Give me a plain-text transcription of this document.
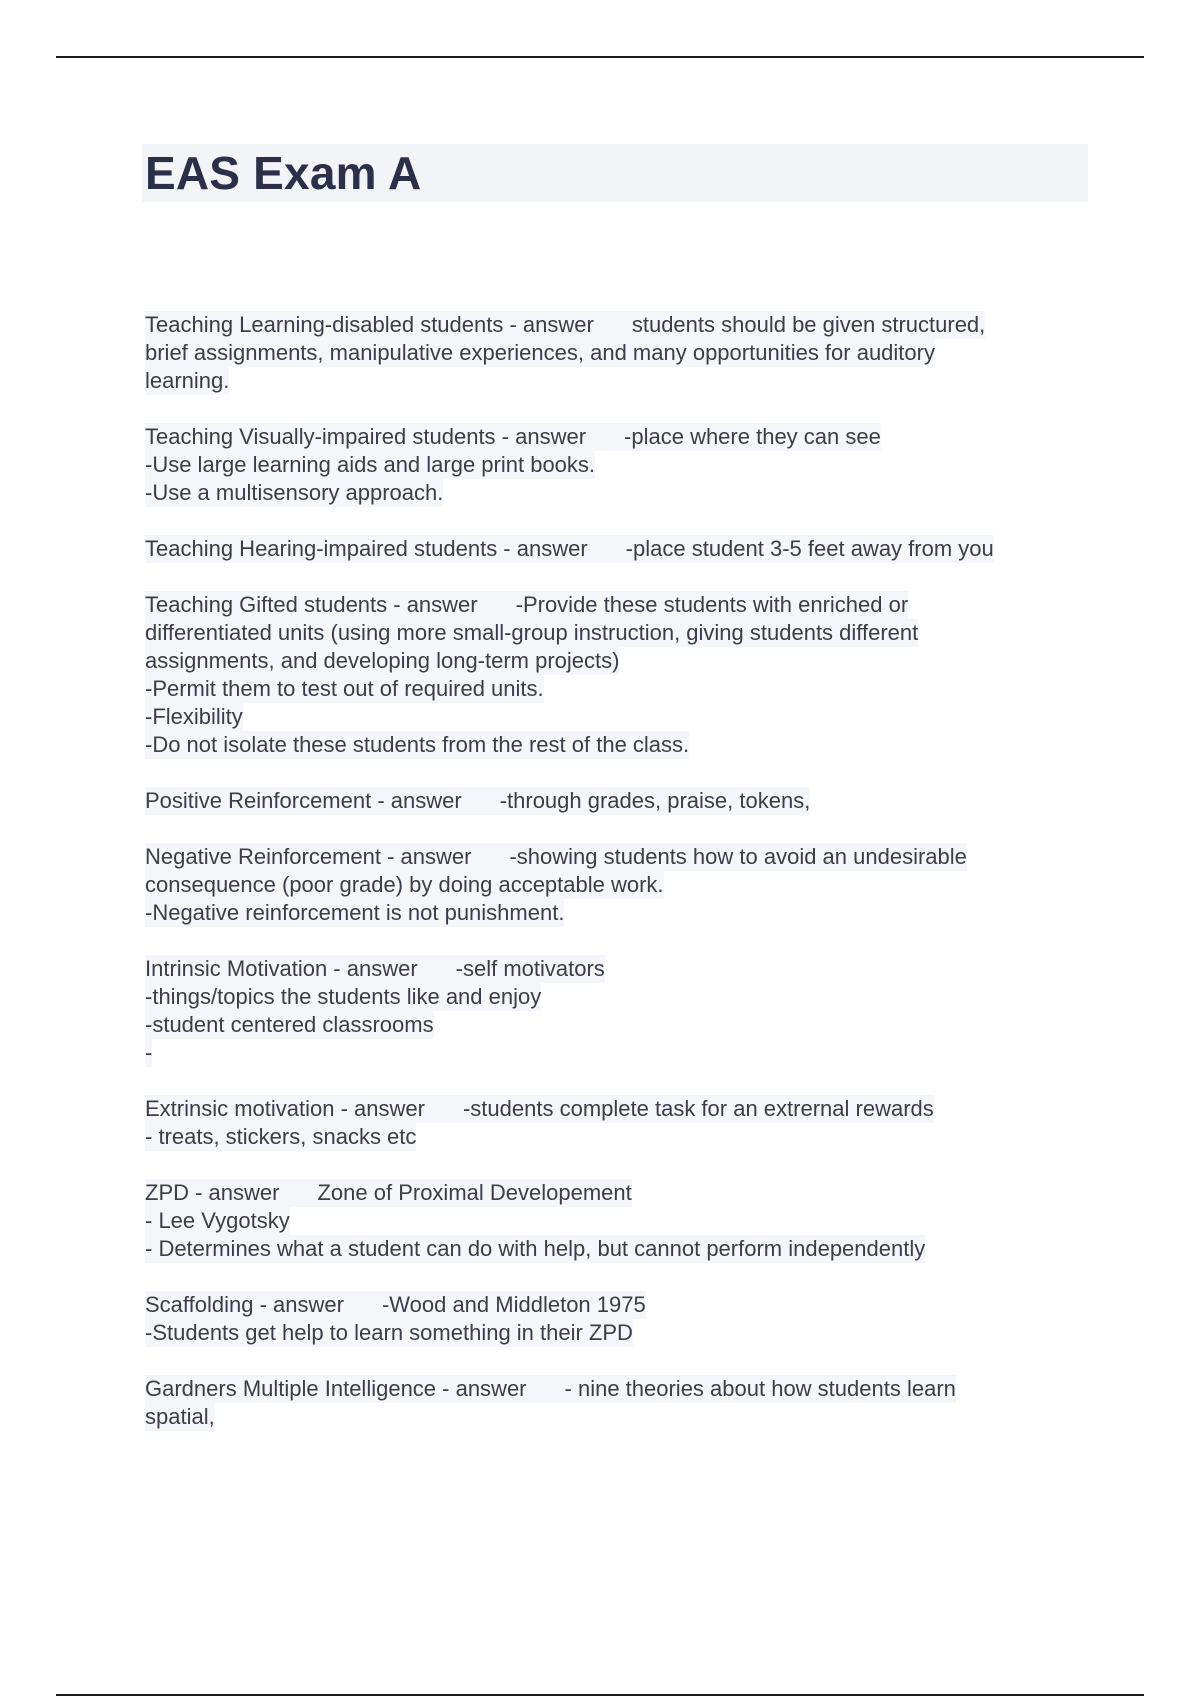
EAS Exam A
Teaching Learning-disabled students - answer students should be given structured,
brief assignments, manipulative experiences, and many opportunities for auditory
learning.
Teaching Visually-impaired students - answer -place where they can see
-Use large learning aids and large print books.
-Use a multisensory approach.
Teaching Hearing-impaired students - answer -place student 3-5 feet away from you
Teaching Gifted students - answer -Provide these students with enriched or
differentiated units (using more small-group instruction, giving students different
assignments, and developing long-term projects)
-Permit them to test out of required units.
-Flexibility
-Do not isolate these students from the rest of the class.
Positive Reinforcement - answer -through grades, praise, tokens,
Negative Reinforcement - answer -showing students how to avoid an undesirable
consequence (poor grade) by doing acceptable work.
-Negative reinforcement is not punishment.
Intrinsic Motivation - answer -self motivators
-things/topics the students like and enjoy
-student centered classrooms
-
Extrinsic motivation - answer -students complete task for an extrernal rewards
- treats, stickers, snacks etc
ZPD - answer Zone of Proximal Developement
- Lee Vygotsky
- Determines what a student can do with help, but cannot perform independently
Scaffolding - answer -Wood and Middleton 1975
-Students get help to learn something in their ZPD
Gardners Multiple Intelligence - answer - nine theories about how students learn
spatial,
